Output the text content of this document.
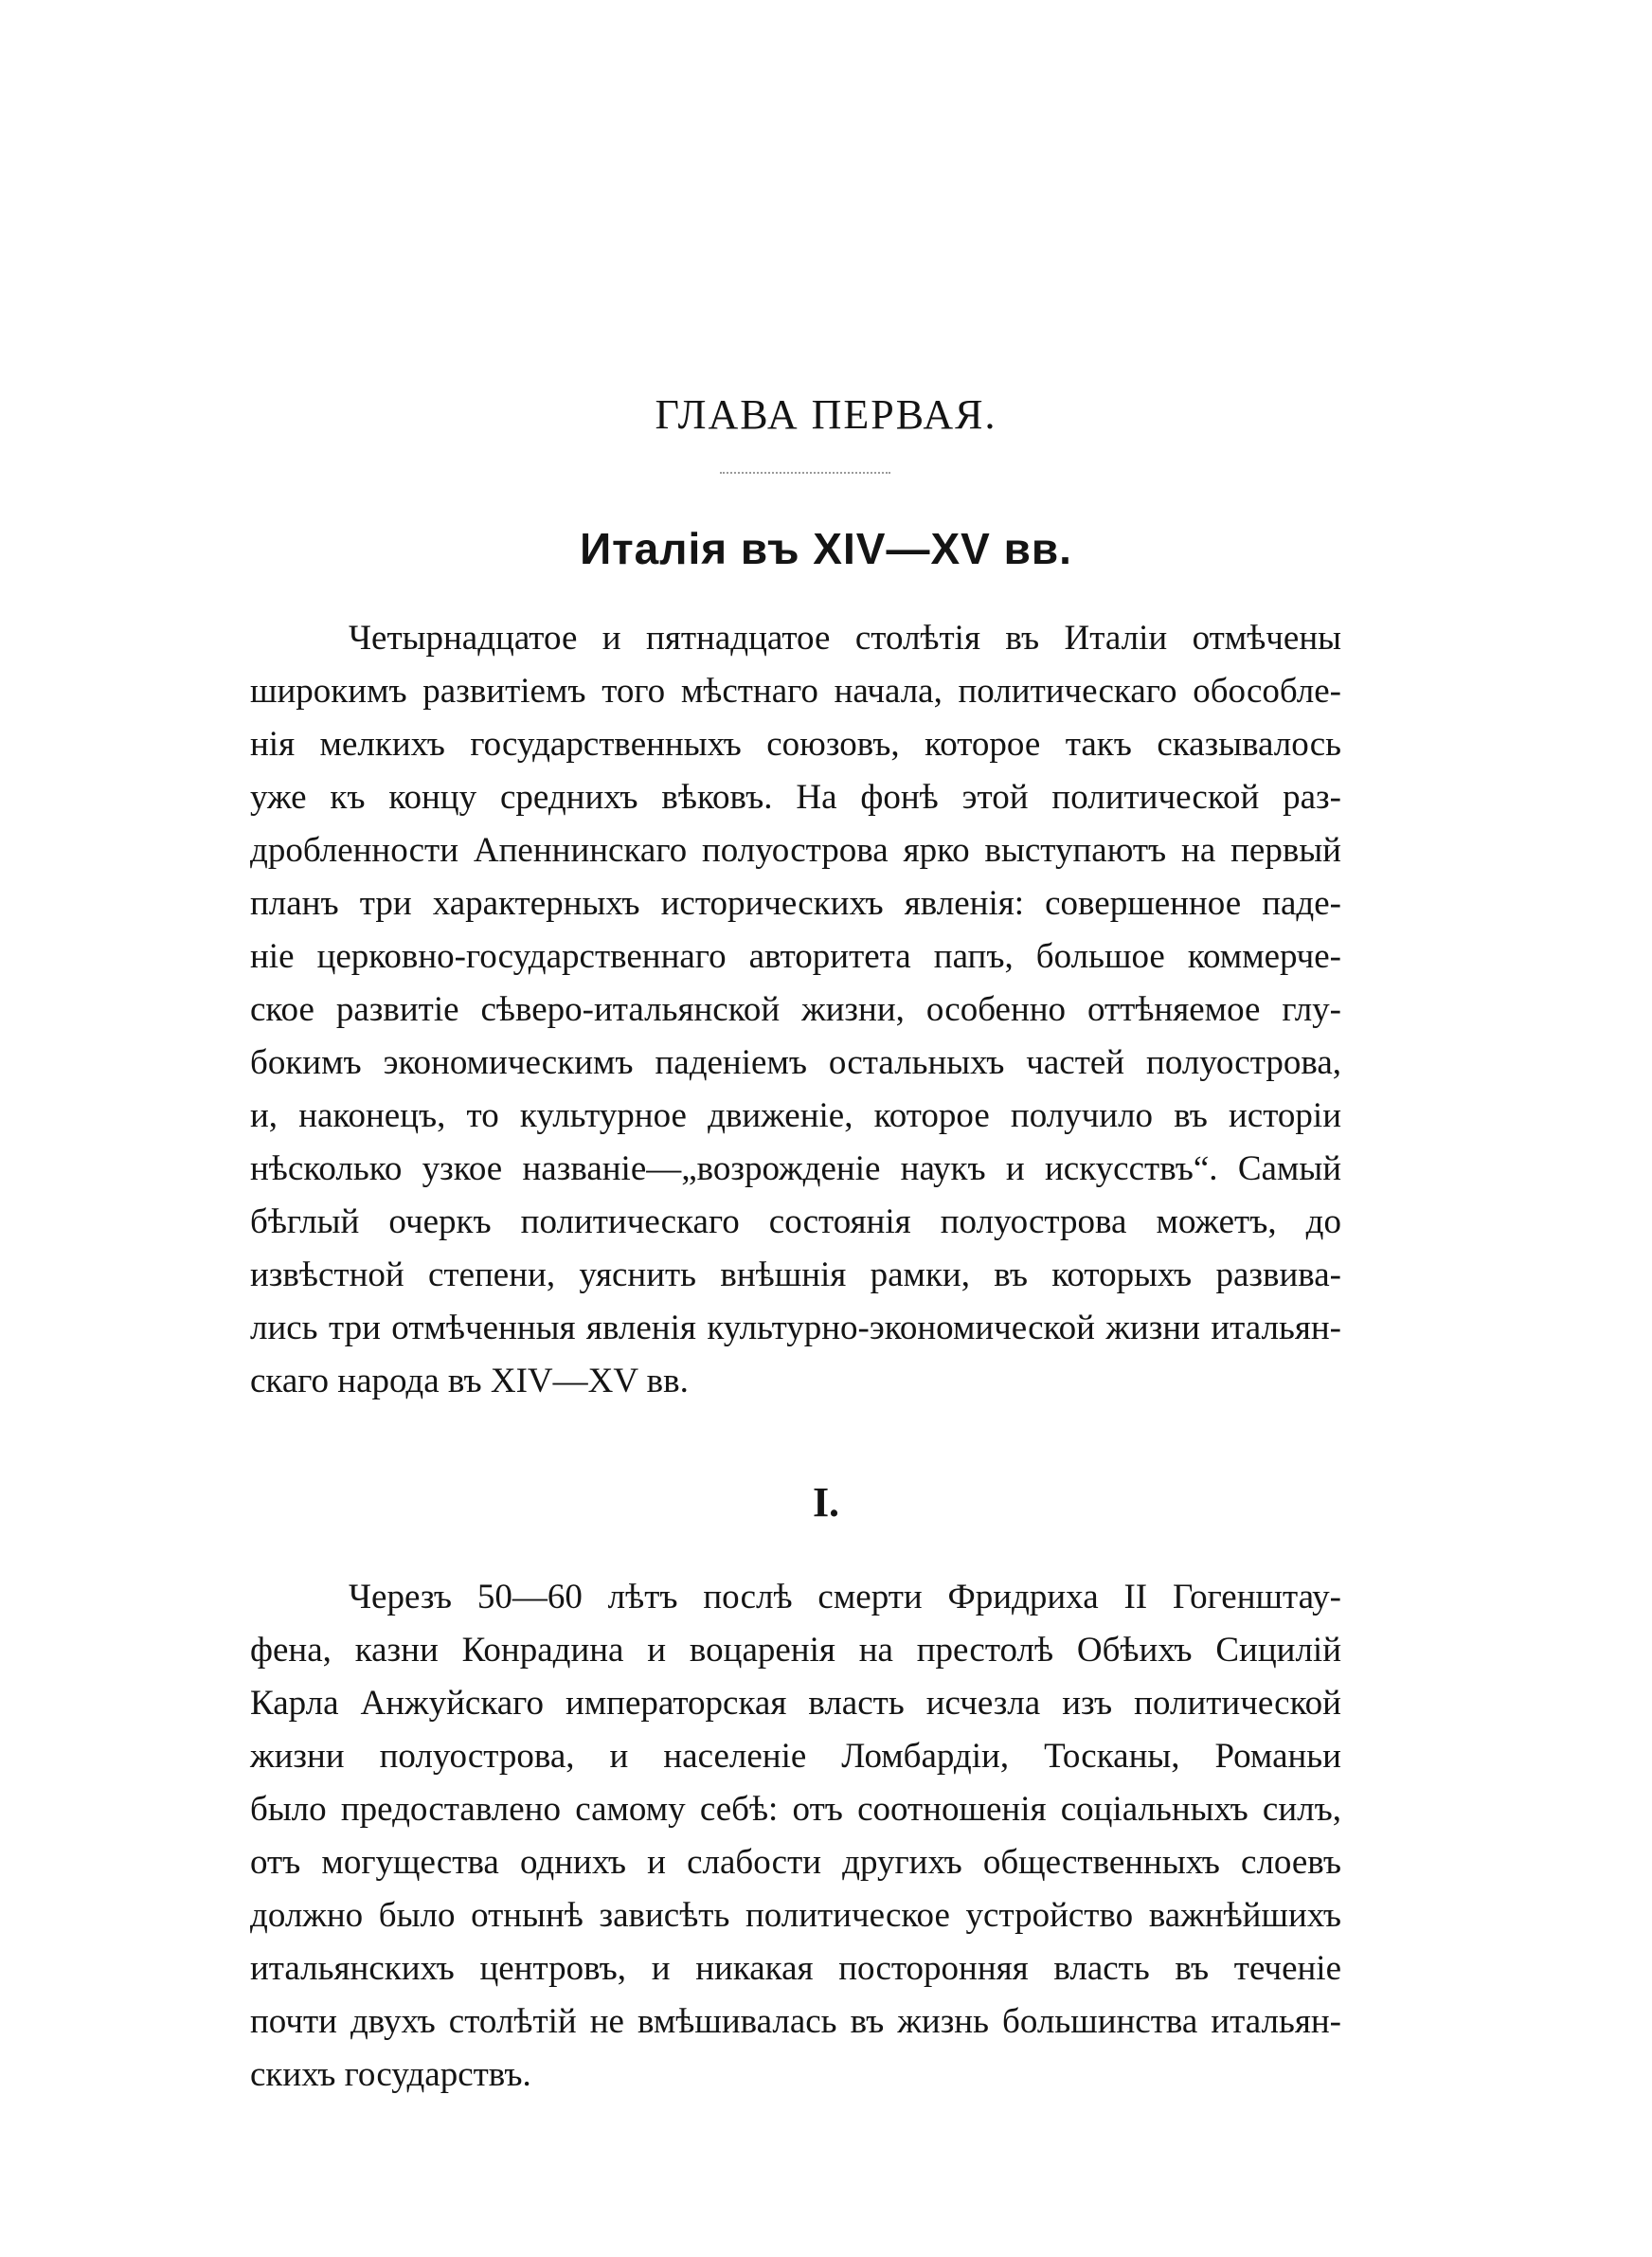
ГЛАВА ПЕРВАЯ.
Италія въ XIV—XV вв.
Четырнадцатое и пятнадцатое столѣтія въ Италіи отмѣчены
широкимъ развитіемъ того мѣстнаго начала, политическаго обособле-
нія мелкихъ государственныхъ союзовъ, которое такъ сказывалось
уже къ концу среднихъ вѣковъ. На фонѣ этой политической раз-
дробленности Апеннинскаго полуострова ярко выступаютъ на первый
планъ три характерныхъ историческихъ явленія: совершенное паде-
ніе церковно-государственнаго авторитета папъ, большое коммерче-
ское развитіе сѣверо-итальянской жизни, особенно оттѣняемое глу-
бокимъ экономическимъ паденіемъ остальныхъ частей полуострова,
и, наконецъ, то культурное движеніе, которое получило въ исторіи
нѣсколько узкое названіе—„возрожденіе наукъ и искусствъ“. Самый
бѣглый очеркъ политическаго состоянія полуострова можетъ, до
извѣстной степени, уяснить внѣшнія рамки, въ которыхъ развива-
лись три отмѣченныя явленія культурно-экономической жизни итальян-
скаго народа въ XIV—XV вв.
I.
Черезъ 50—60 лѣтъ послѣ смерти Фридриха II Гогенштау-
фена, казни Конрадина и воцаренія на престолѣ Обѣихъ Сицилій
Карла Анжуйскаго императорская власть исчезла изъ политической
жизни полуострова, и населеніе Ломбардіи, Тосканы, Романьи
было предоставлено самому себѣ: отъ соотношенія соціальныхъ силъ,
отъ могущества однихъ и слабости другихъ общественныхъ слоевъ
должно было отнынѣ зависѣть политическое устройство важнѣйшихъ
итальянскихъ центровъ, и никакая посторонняя власть въ теченіе
почти двухъ столѣтій не вмѣшивалась въ жизнь большинства итальян-
скихъ государствъ.
